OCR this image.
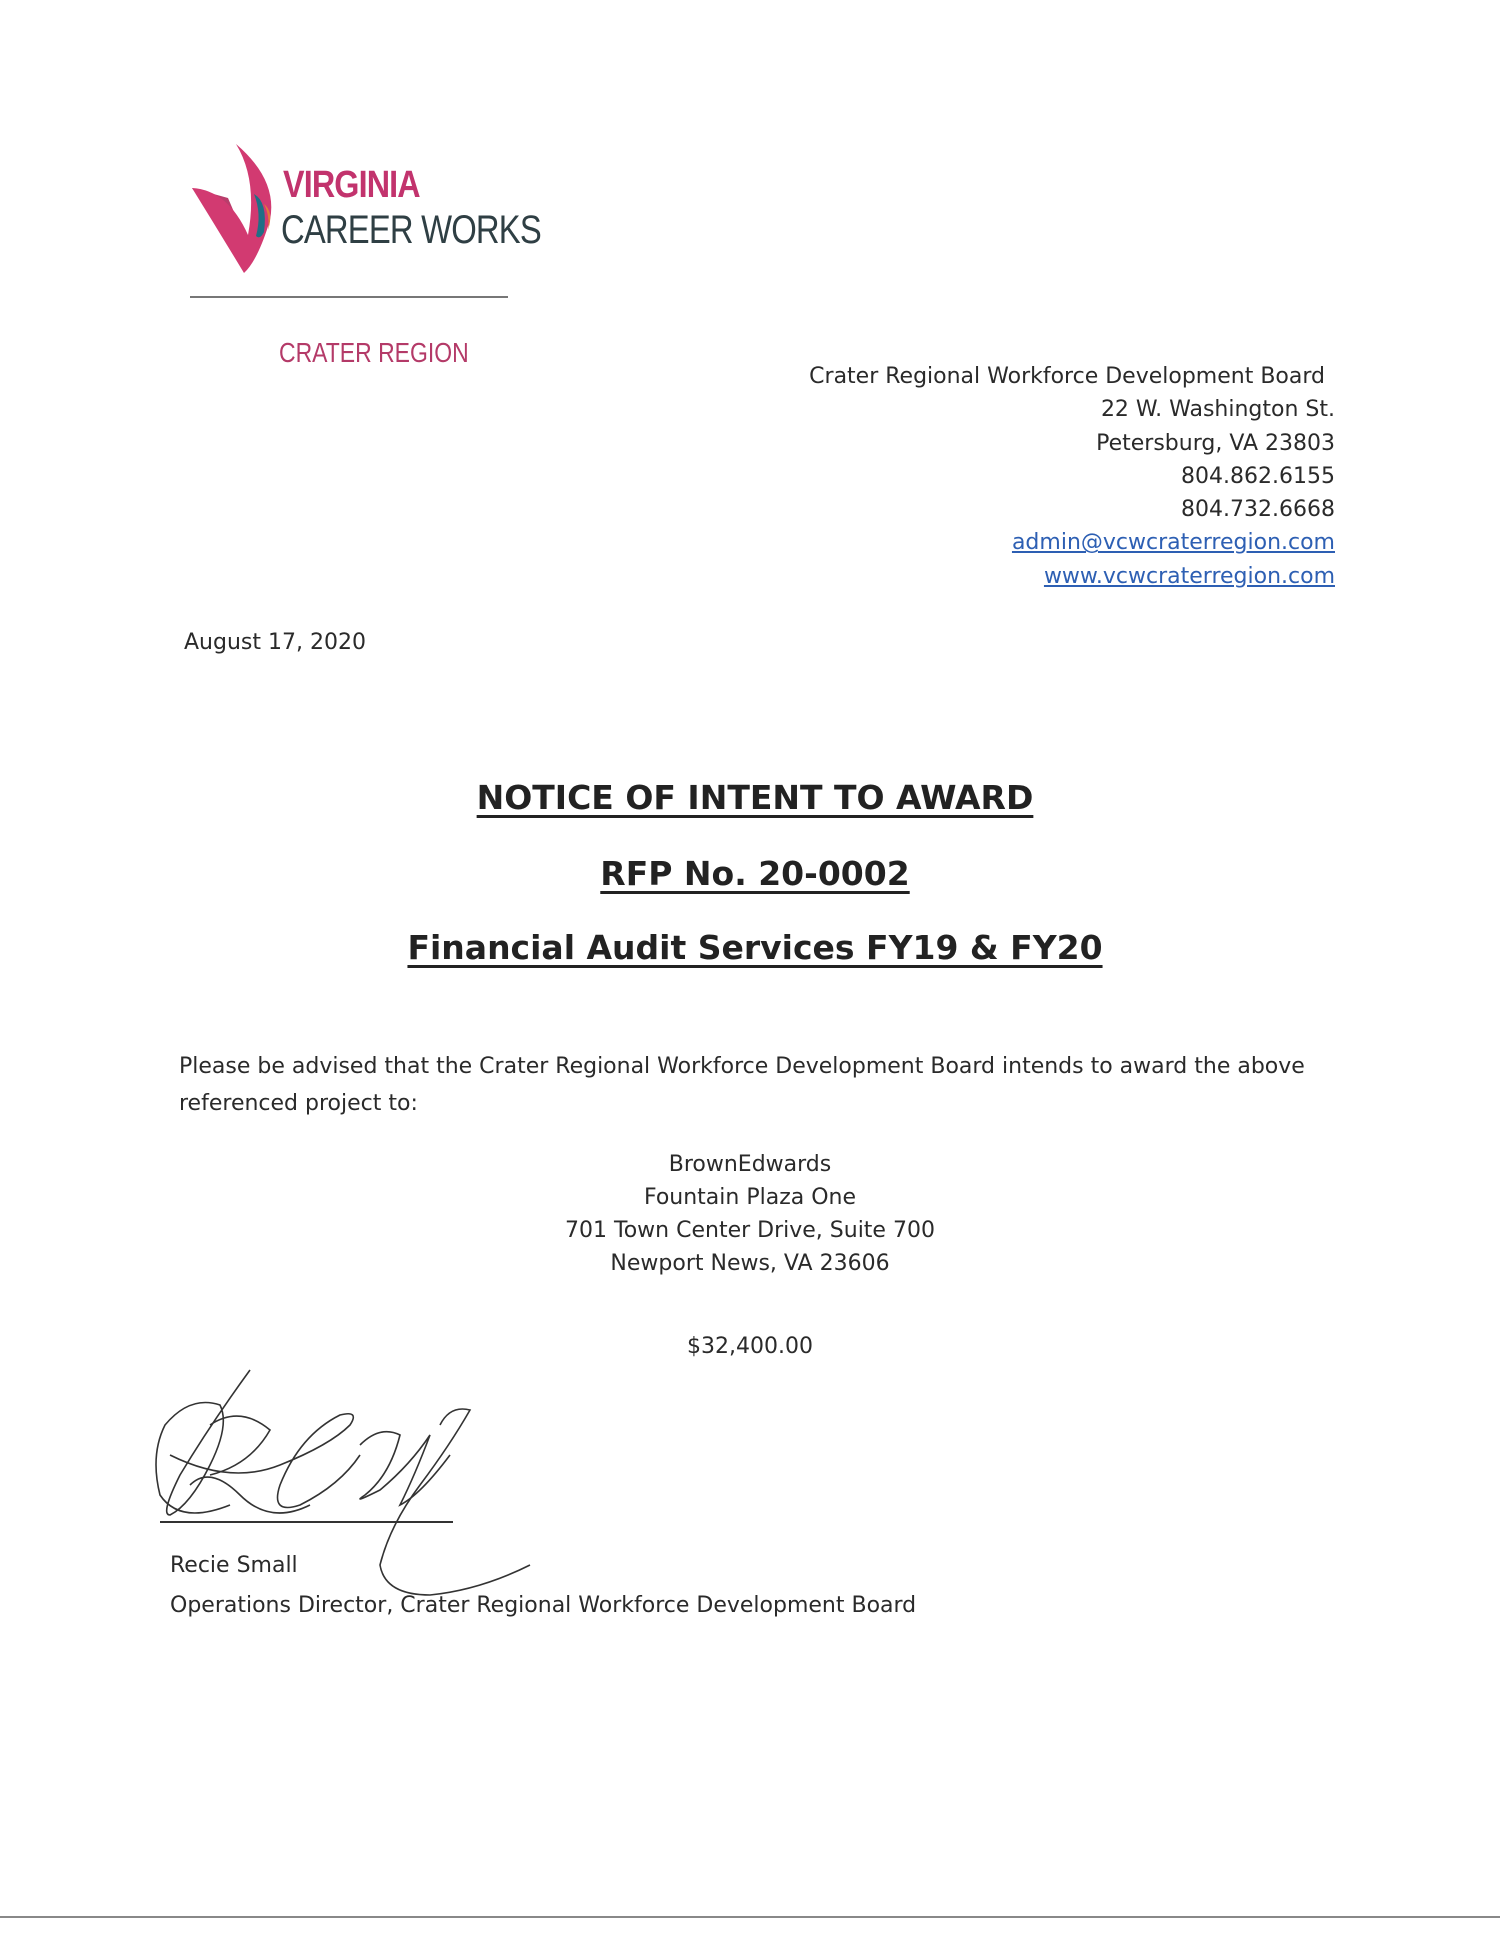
VIRGINIA
CAREER WORKS
CRATER REGION
Crater Regional Workforce Development Board
22 W. Washington St.
Petersburg, VA 23803
804.862.6155
804.732.6668
admin@vcwcraterregion.com
www.vcwcraterregion.com
August 17, 2020
NOTICE OF INTENT TO AWARD
RFP No. 20-0002
Financial Audit Services FY19 & FY20
Please be advised that the Crater Regional Workforce Development Board intends to award the above referenced project to:
BrownEdwards
Fountain Plaza One
701 Town Center Drive, Suite 700
Newport News, VA 23606
$32,400.00
Recie Small
Operations Director, Crater Regional Workforce Development Board
